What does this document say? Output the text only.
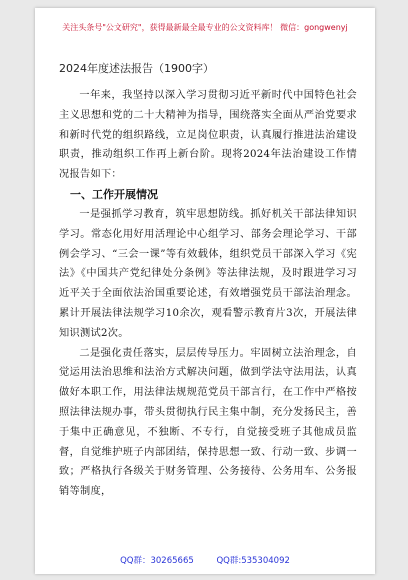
关注头条号"公文研究"，获得最新最全最专业的公文资料库！ 微信：gongwenyj
2024年度述法报告（1900字）

一年来，我坚持以深入学习贯彻习近平新时代中国特色社会主义思想和党的二十大精神为指导，围绕落实全面从严治党要求和新时代党的组织路线，立足岗位职责，认真履行推进法治建设职责，推动组织工作再上新台阶。现将2024年法治建设工作情况报告如下：

一、工作开展情况

一是强抓学习教育，筑牢思想防线。抓好机关干部法律知识学习。常态化用好用活理论中心组学习、部务会理论学习、干部例会学习、“三会一课”等有效载体，组织党员干部深入学习《宪法》《中国共产党纪律处分条例》等法律法规，及时跟进学习习近平关于全面依法治国重要论述，有效增强党员干部法治理念。累计开展法律法规学习10余次，观看警示教育片3次，开展法律知识测试2次。

二是强化责任落实，层层传导压力。牢固树立法治理念，自觉运用法治思维和法治方式解决问题，做到学法守法用法，认真做好本职工作，用法律法规规范党员干部言行，在工作中严格按照法律法规办事，带头贯彻执行民主集中制，充分发扬民主，善于集中正确意见，不独断、不专行，自觉接受班子其他成员监督，自觉维护班子内部团结，保持思想一致、行动一致、步调一致；严格执行各级关于财务管理、公务接待、公务用车、公务报销等制度，

QQ群：30265665	QQ群:535304092
